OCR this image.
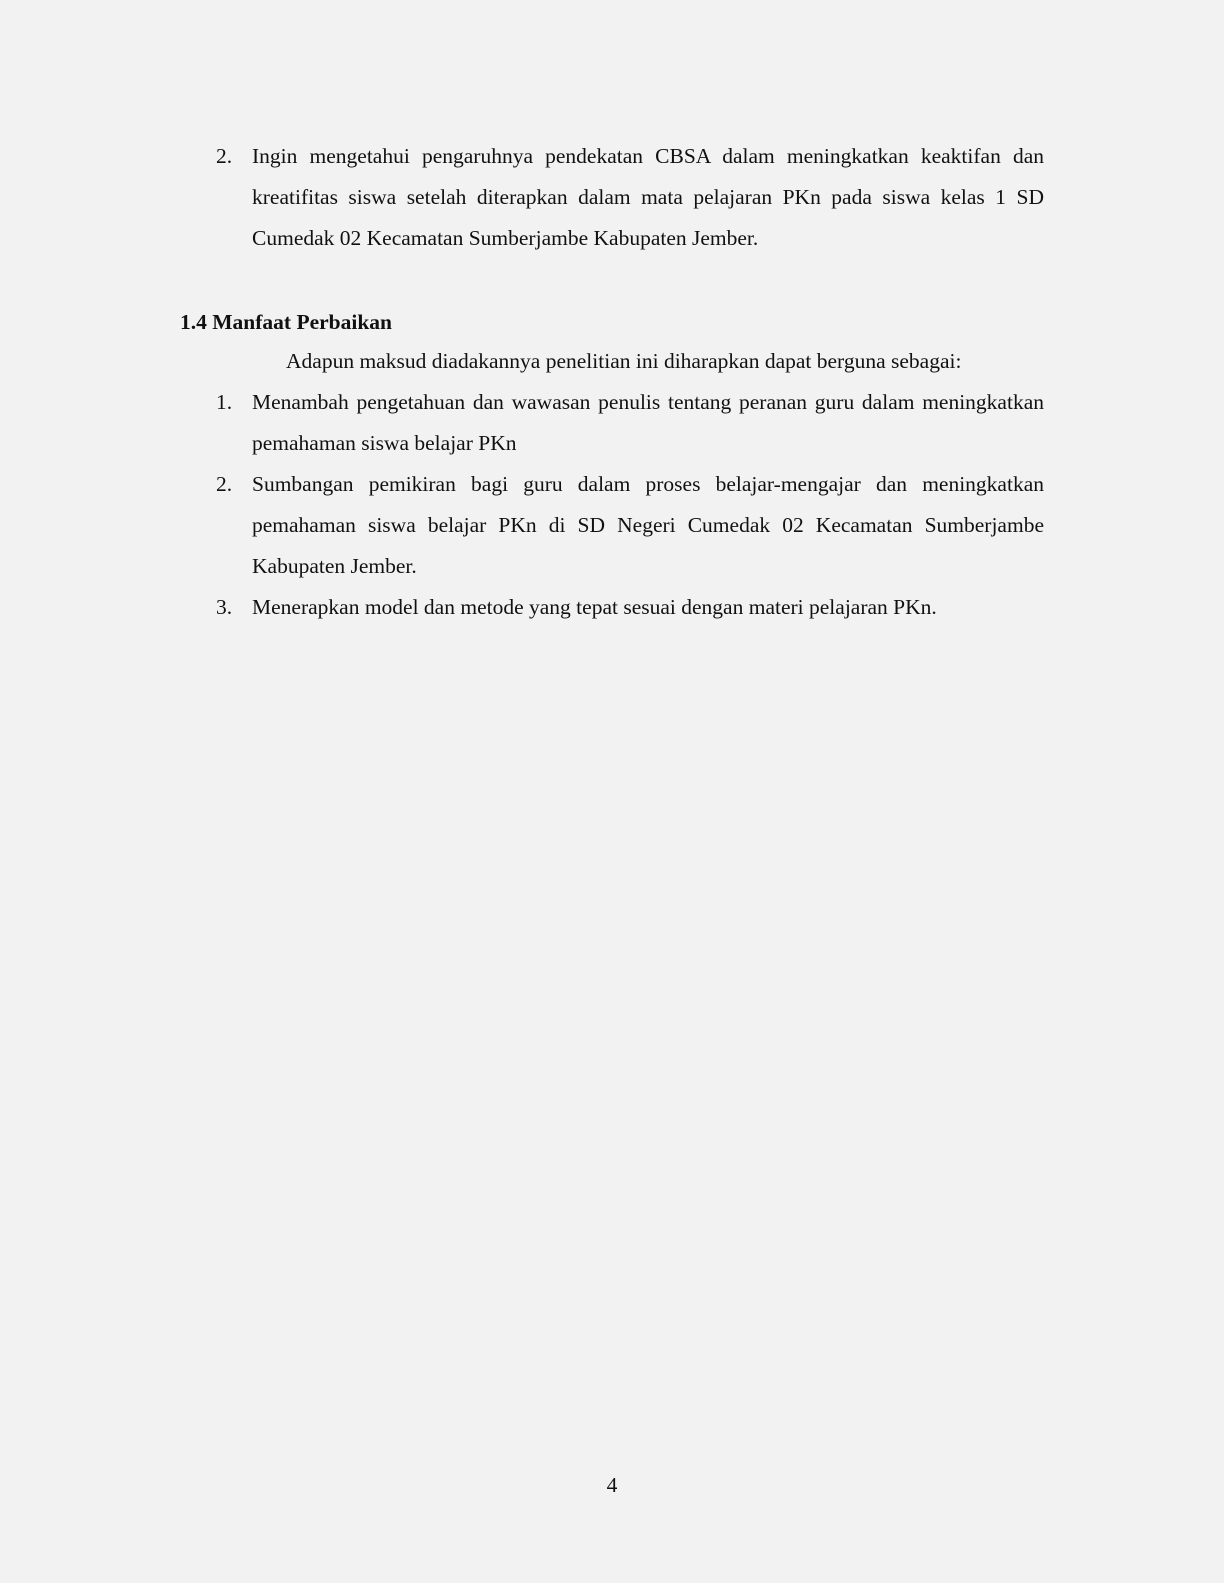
2. Ingin mengetahui pengaruhnya pendekatan CBSA dalam meningkatkan keaktifan dan kreatifitas siswa setelah diterapkan dalam mata pelajaran PKn pada siswa kelas 1 SD Cumedak 02 Kecamatan Sumberjambe Kabupaten Jember.
1.4 Manfaat Perbaikan
Adapun maksud diadakannya penelitian ini diharapkan dapat berguna sebagai:
1. Menambah pengetahuan dan wawasan penulis tentang peranan guru dalam meningkatkan pemahaman siswa belajar PKn
2. Sumbangan pemikiran bagi guru dalam proses belajar-mengajar dan meningkatkan pemahaman siswa belajar PKn di SD Negeri Cumedak 02 Kecamatan Sumberjambe Kabupaten Jember.
3. Menerapkan model dan metode yang tepat sesuai dengan materi pelajaran PKn.
4
